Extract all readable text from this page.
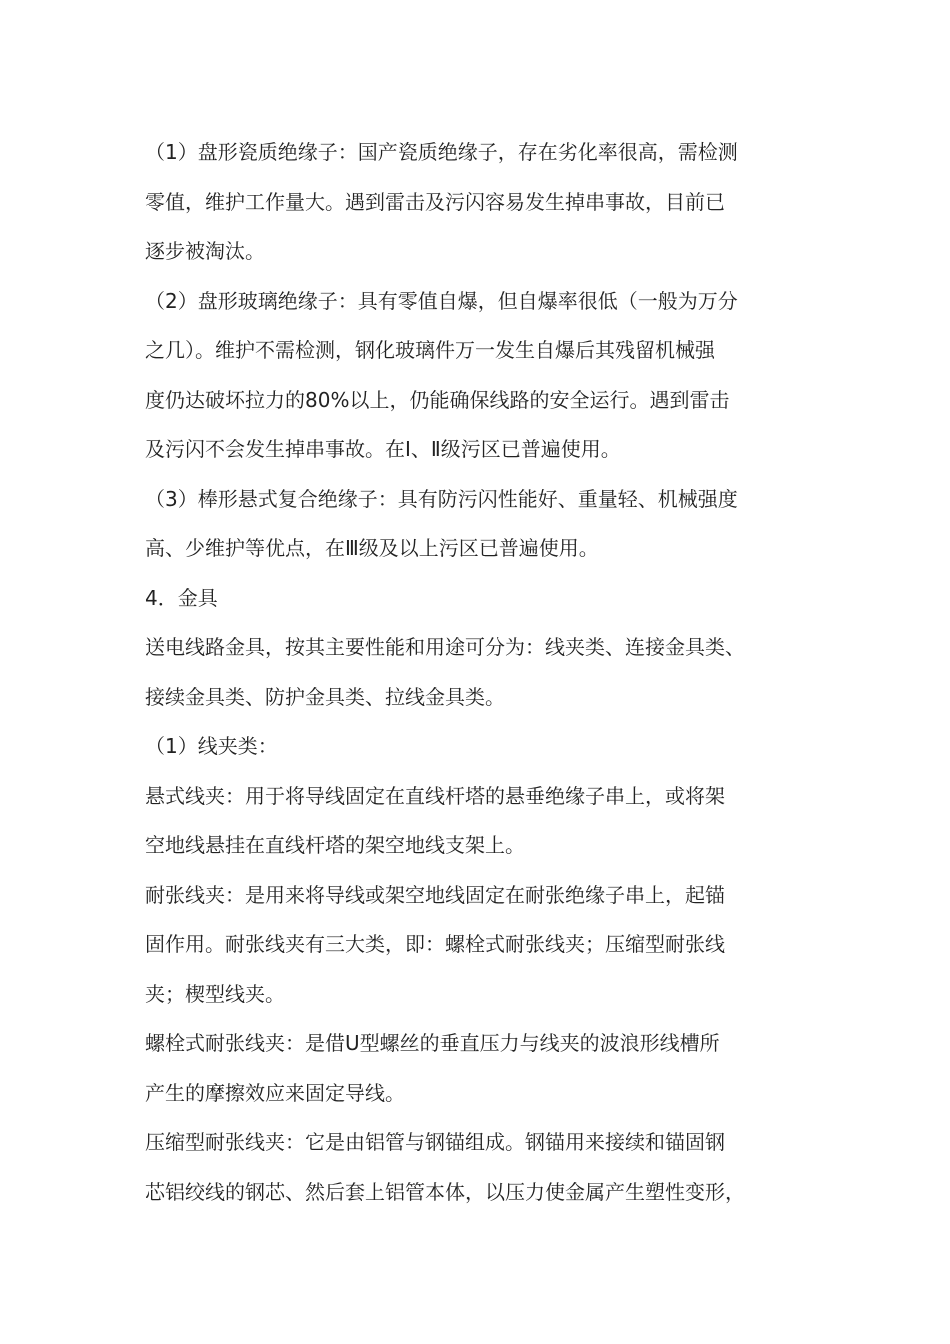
（1）盘形瓷质绝缘子：国产瓷质绝缘子，存在劣化率很高，需检测
零值，维护工作量大。遇到雷击及污闪容易发生掉串事故，目前已
逐步被淘汰。
（2）盘形玻璃绝缘子：具有零值自爆，但自爆率很低（一般为万分
之几）。维护不需检测，钢化玻璃件万一发生自爆后其残留机械强
度仍达破坏拉力的80%以上，仍能确保线路的安全运行。遇到雷击
及污闪不会发生掉串事故。在Ⅰ、Ⅱ级污区已普遍使用。
（3）棒形悬式复合绝缘子：具有防污闪性能好、重量轻、机械强度
高、少维护等优点，在Ⅲ级及以上污区已普遍使用。
4．金具
送电线路金具，按其主要性能和用途可分为：线夹类、连接金具类、
接续金具类、防护金具类、拉线金具类。
（1）线夹类：
悬式线夹：用于将导线固定在直线杆塔的悬垂绝缘子串上，或将架
空地线悬挂在直线杆塔的架空地线支架上。
耐张线夹：是用来将导线或架空地线固定在耐张绝缘子串上，起锚
固作用。耐张线夹有三大类，即：螺栓式耐张线夹；压缩型耐张线
夹；楔型线夹。
螺栓式耐张线夹：是借U型螺丝的垂直压力与线夹的波浪形线槽所
产生的摩擦效应来固定导线。
压缩型耐张线夹：它是由铝管与钢锚组成。钢锚用来接续和锚固钢
芯铝绞线的钢芯、然后套上铝管本体，以压力使金属产生塑性变形，
